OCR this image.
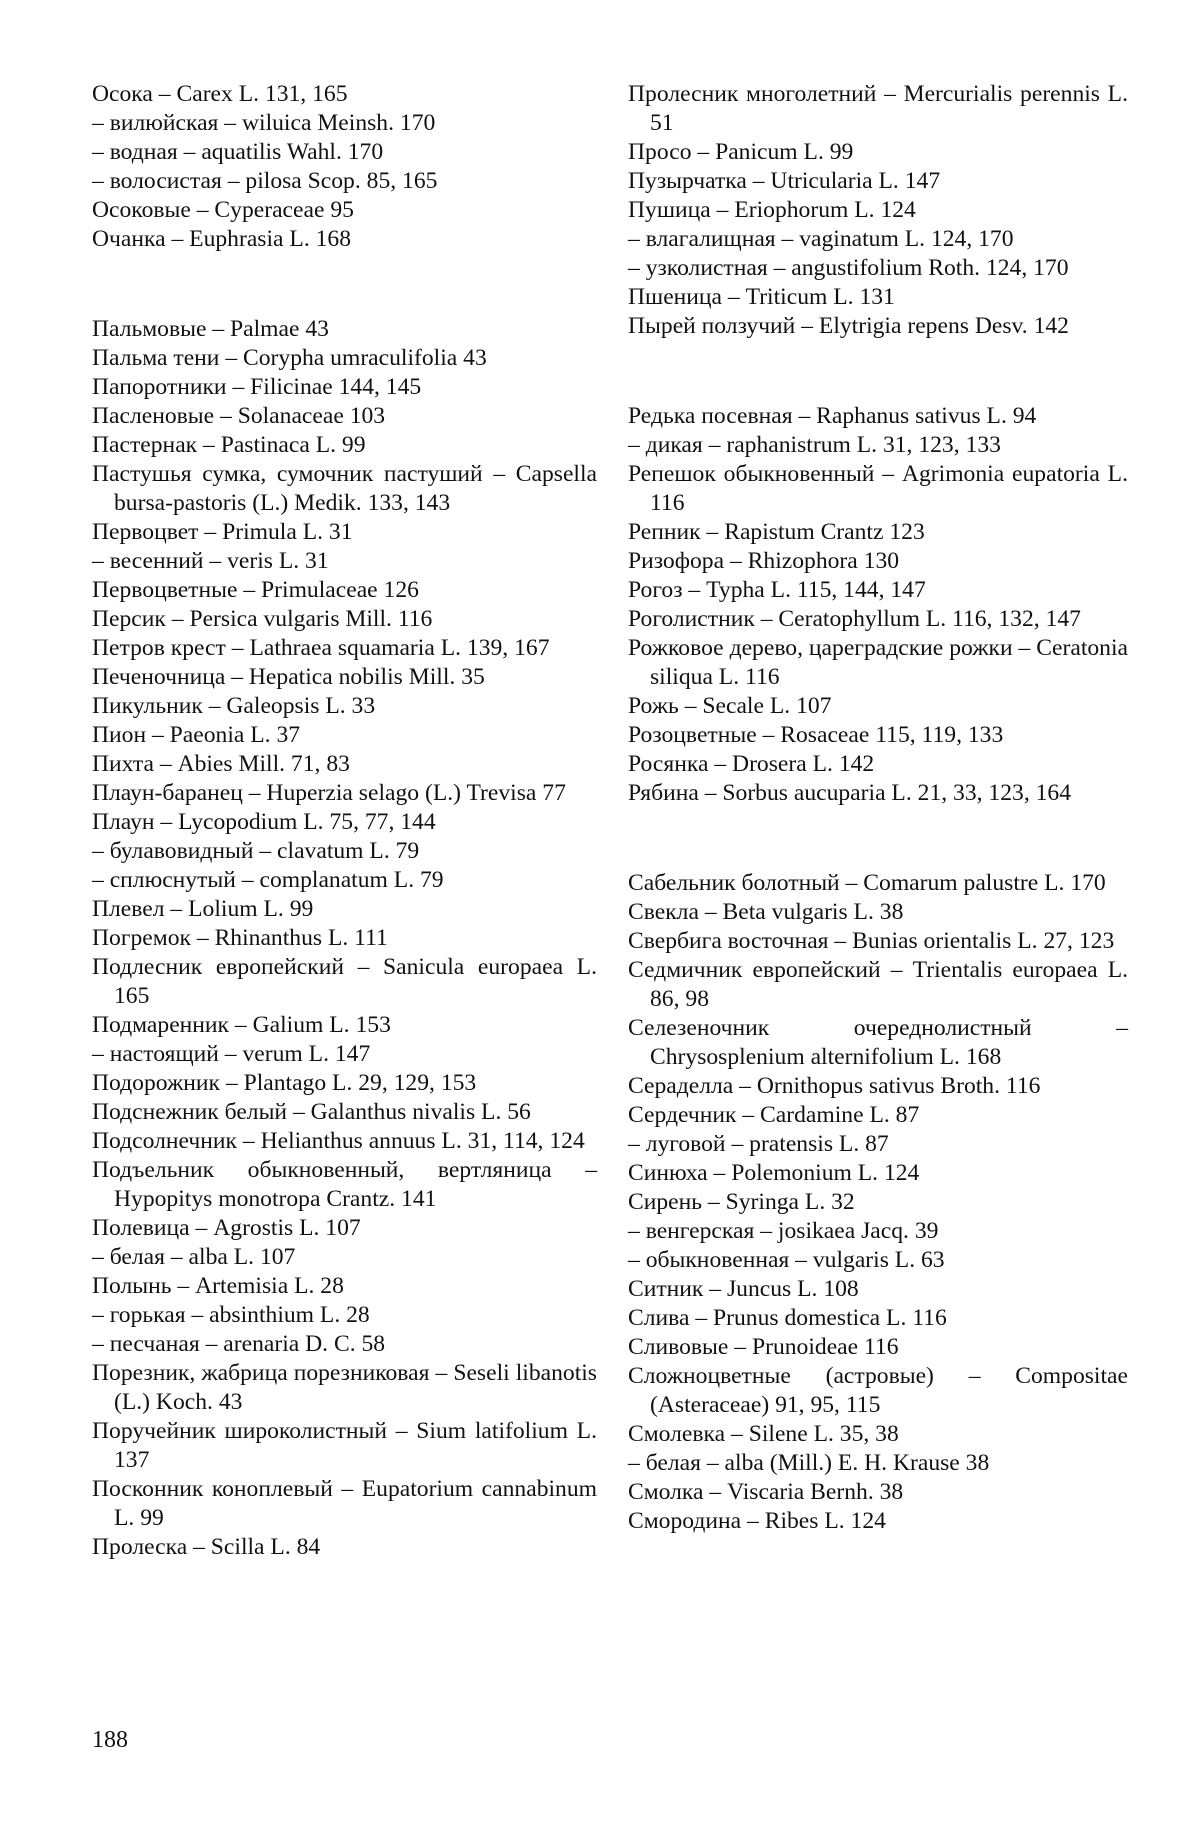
Осока – Carex L. 131, 165

– вилюйская – wiluica Meinsh. 170

– водная – aquatilis Wahl. 170

– волосистая – pilosa Scop. 85, 165

Осоковые – Cyperaceae 95

Очанка – Euphrasia L. 168

Пальмовые – Palmae 43

Пальма тени – Corypha umraculifolia 43

Папоротники – Filicinae 144, 145

Пасленовые – Solanaceae 103

Пастернак – Pastinaca L. 99

Пастушья сумка, сумочник пастуший – Capsella bursa-pastoris (L.) Medik. 133, 143

Первоцвет – Primula L. 31

– весенний – veris L. 31

Первоцветные – Primulaceae 126

Персик – Persica vulgaris Mill. 116

Петров крест – Lathraea squamaria L. 139, 167

Печеночница – Hepatica nobilis Mill. 35

Пикульник – Galeopsis L. 33

Пион – Paeonia L. 37

Пихта – Abies Mill. 71, 83

Плаун-баранец – Huperzia selago (L.) Trevisa 77

Плаун – Lycopodium L. 75, 77, 144

– булавовидный – clavatum L. 79

– сплюснутый – complanatum L. 79

Плевел – Lolium L. 99

Погремок – Rhinanthus L. 111

Подлесник европейский – Sanicula europaea L. 165

Подмаренник – Galium L. 153

– настоящий – verum L. 147

Подорожник – Plantago L. 29, 129, 153

Подснежник белый – Galanthus nivalis L. 56

Подсолнечник – Helianthus annuus L. 31, 114, 124

Подъельник обыкновенный, вертляница – Hypopitys monotropa Crantz. 141

Полевица – Agrostis L. 107

– белая – alba L. 107

Полынь – Artemisia L. 28

– горькая – absinthium L. 28

– песчаная – arenaria D. C. 58

Порезник, жабрица порезниковая – Seseli libanotis (L.) Koch. 43

Поручейник широколистный – Sium latifolium L. 137

Посконник коноплевый – Eupatorium cannabinum L. 99

Пролеска – Scilla L. 84

Пролесник многолетний – Mercurialis perennis L. 51

Просо – Panicum L. 99

Пузырчатка – Utricularia L. 147

Пушица – Eriophorum L. 124

– влагалищная – vaginatum L. 124, 170

– узколистная – angustifolium Roth. 124, 170

Пшеница – Triticum L. 131

Пырей ползучий – Elytrigia repens Desv. 142

Редька посевная – Raphanus sativus L. 94

– дикая – raphanistrum L. 31, 123, 133

Репешок обыкновенный – Agrimonia eupatoria L. 116

Репник – Rapistum Crantz 123

Ризофора – Rhizophora 130

Рогоз – Typha L. 115, 144, 147

Роголистник – Ceratophyllum L. 116, 132, 147

Рожковое дерево, цареградские рожки – Ceratonia siliqua L. 116

Рожь – Secale L. 107

Розоцветные – Rosaceae 115, 119, 133

Росянка – Drosera L. 142

Рябина – Sorbus aucuparia L. 21, 33, 123, 164

Сабельник болотный – Comarum palustre L. 170

Свекла – Beta vulgaris L. 38

Свербига восточная – Bunias orientalis L. 27, 123

Седмичник европейский – Trientalis europaea L. 86, 98

Селезеночник очереднолистный – Chrysosplenium alternifolium L. 168

Сераделла – Ornithopus sativus Broth. 116

Сердечник – Cardamine L. 87

– луговой – pratensis L. 87

Синюха – Polemonium L. 124

Сирень – Syringa L. 32

– венгерская – josikaea Jacq. 39

– обыкновенная – vulgaris L. 63

Ситник – Juncus L. 108

Слива – Prunus domestica L. 116

Сливовые – Prunoideae 116

Сложноцветные (астровые) – Compositae (Asteraceae) 91, 95, 115

Смолевка – Silene L. 35, 38

– белая – alba (Mill.) E. H. Krause 38

Смолка – Viscaria Bernh. 38

Смородина – Ribes L. 124

188
